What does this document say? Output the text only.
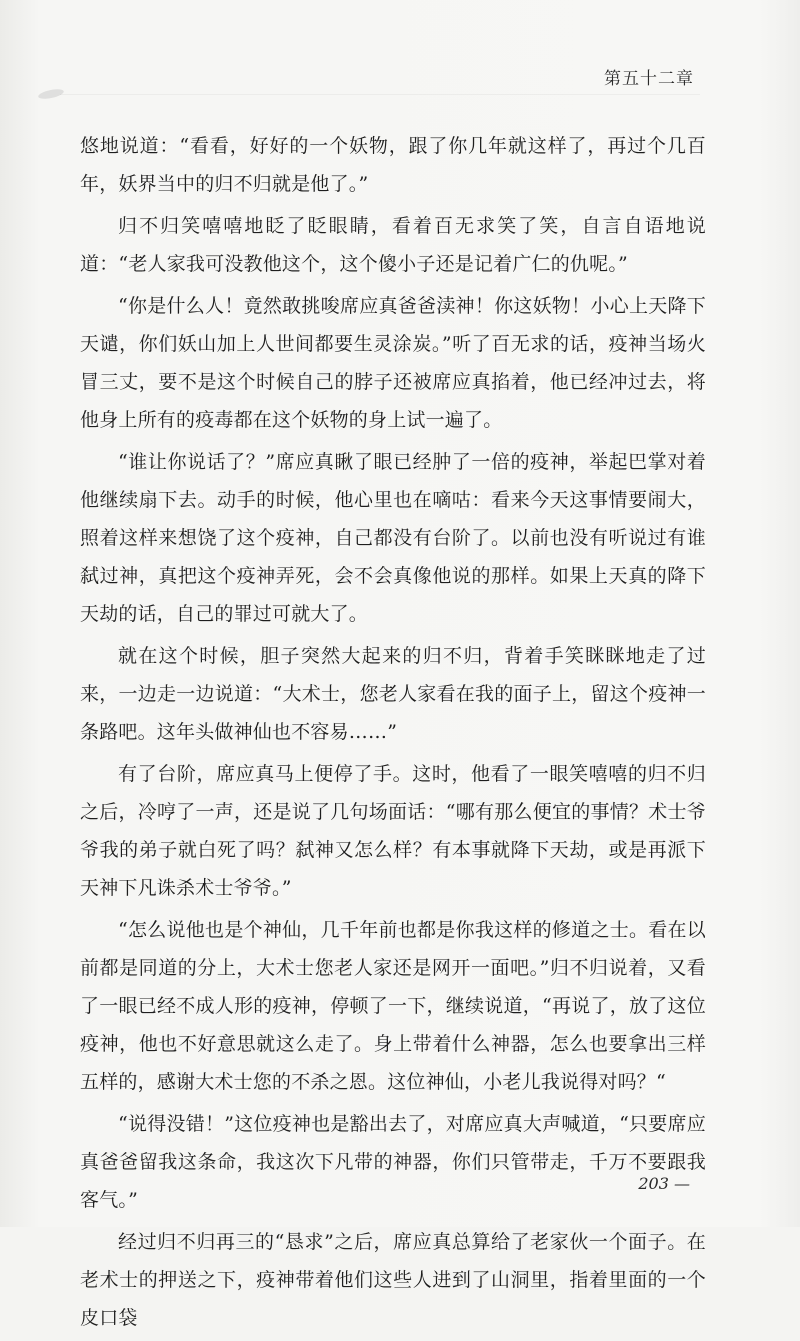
第五十二章

悠地说道：“看看，好好的一个妖物，跟了你几年就这样了，再过个几百年，妖界当中的归不归就是他了。”

归不归笑嘻嘻地眨了眨眼睛，看着百无求笑了笑，自言自语地说道：“老人家我可没教他这个，这个傻小子还是记着广仁的仇呢。”

“你是什么人！竟然敢挑唆席应真爸爸渎神！你这妖物！小心上天降下天谴，你们妖山加上人世间都要生灵涂炭。”听了百无求的话，疫神当场火冒三丈，要不是这个时候自己的脖子还被席应真掐着，他已经冲过去，将他身上所有的疫毒都在这个妖物的身上试一遍了。

“谁让你说话了？”席应真瞅了眼已经肿了一倍的疫神，举起巴掌对着他继续扇下去。动手的时候，他心里也在嘀咕：看来今天这事情要闹大，照着这样来想饶了这个疫神，自己都没有台阶了。以前也没有听说过有谁弑过神，真把这个疫神弄死，会不会真像他说的那样。如果上天真的降下天劫的话，自己的罪过可就大了。

就在这个时候，胆子突然大起来的归不归，背着手笑眯眯地走了过来，一边走一边说道：“大术士，您老人家看在我的面子上，留这个疫神一条路吧。这年头做神仙也不容易……”

有了台阶，席应真马上便停了手。这时，他看了一眼笑嘻嘻的归不归之后，冷哼了一声，还是说了几句场面话：“哪有那么便宜的事情？术士爷爷我的弟子就白死了吗？弑神又怎么样？有本事就降下天劫，或是再派下天神下凡诛杀术士爷爷。”

“怎么说他也是个神仙，几千年前也都是你我这样的修道之士。看在以前都是同道的分上，大术士您老人家还是网开一面吧。”归不归说着，又看了一眼已经不成人形的疫神，停顿了一下，继续说道，“再说了，放了这位疫神，他也不好意思就这么走了。身上带着什么神器，怎么也要拿出三样五样的，感谢大术士您的不杀之恩。这位神仙，小老儿我说得对吗？“

“说得没错！”这位疫神也是豁出去了，对席应真大声喊道，“只要席应真爸爸留我这条命，我这次下凡带的神器，你们只管带走，千万不要跟我客气。”

经过归不归再三的“恳求”之后，席应真总算给了老家伙一个面子。在老术士的押送之下，疫神带着他们这些人进到了山洞里，指着里面的一个皮口袋

203 —
